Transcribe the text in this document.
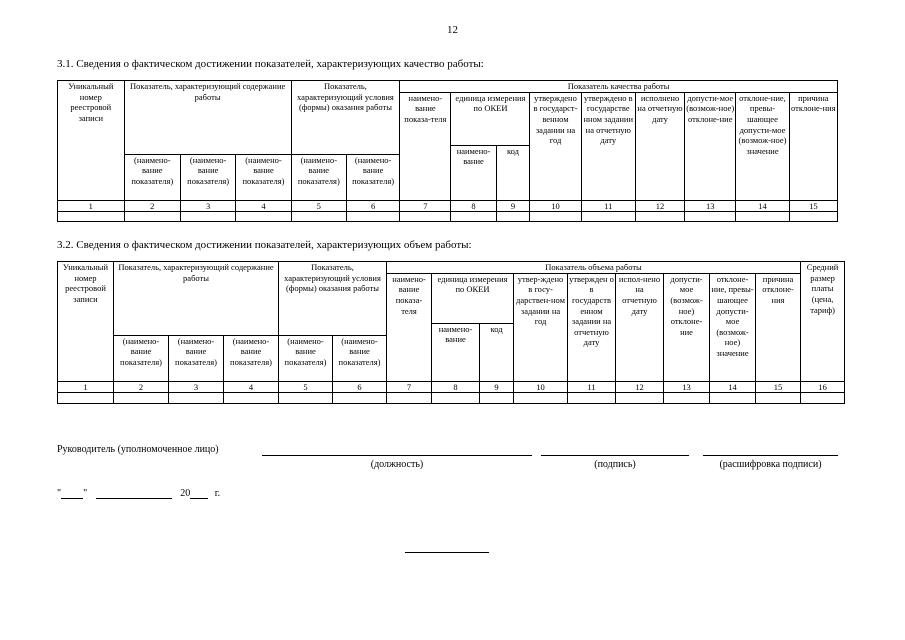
12
3.1. Сведения о фактическом достижении показателей, характеризующих качество работы:
Уникальный номер реестровой записи	Показатель, характеризующий содержание работы			Показатель, характеризующий условия (формы) оказания работы		Показатель качества работы								
						наимено-вание показа-теля	единица измерения по ОКЕИ		утверждено в государст-венном задании на год	утверждено в государстве нном задании на отчетную дату	исполнено на отчетную дату	допусти-мое (возмож-ное) отклоне-ние	отклоне-ние, превы-шающее допусти-мое (возмож-ное) значение	причина отклоне-ния
							наимено-вание	код						
	(наимено-вание показателя)	(наимено-вание показателя)	(наимено-вание показателя)	(наимено-вание показателя)	(наимено-вание показателя)									
1	2	3	4	5	6	7	8	9	10	11	12	13	14	15

3.2. Сведения о фактическом достижении показателей, характеризующих объем работы:
Уникальный номер реестровой записи	Показатель, характеризующий содержание работы			Показатель, характеризующий условия (формы) оказания работы		Показатель объема работы									Средний размер платы (цена, тариф)
						наимено-вание показа-теля	единица измерения по ОКЕИ		утвер-ждено в госу-дарствен-ном задании на год	утвержден о в государств енном задании на отчетную дату	испол-нено на отчетную дату	допусти-мое (возмож-ное) отклоне-ние	отклоне-ние, превы-шающее допусти-мое (возмож-ное) значение	причина отклоне-ния	
							наимено-вание	код							
	(наимено-вание показателя)	(наимено-вание показателя)	(наимено-вание показателя)	(наимено-вание показателя)	(наимено-вание показателя)										
1	2	3	4	5	6	7	8	9	10	11	12	13	14	15	16

Руководитель (уполномоченное лицо)
(должность)	(подпись)	(расшифровка подписи)
" "	20 г.
